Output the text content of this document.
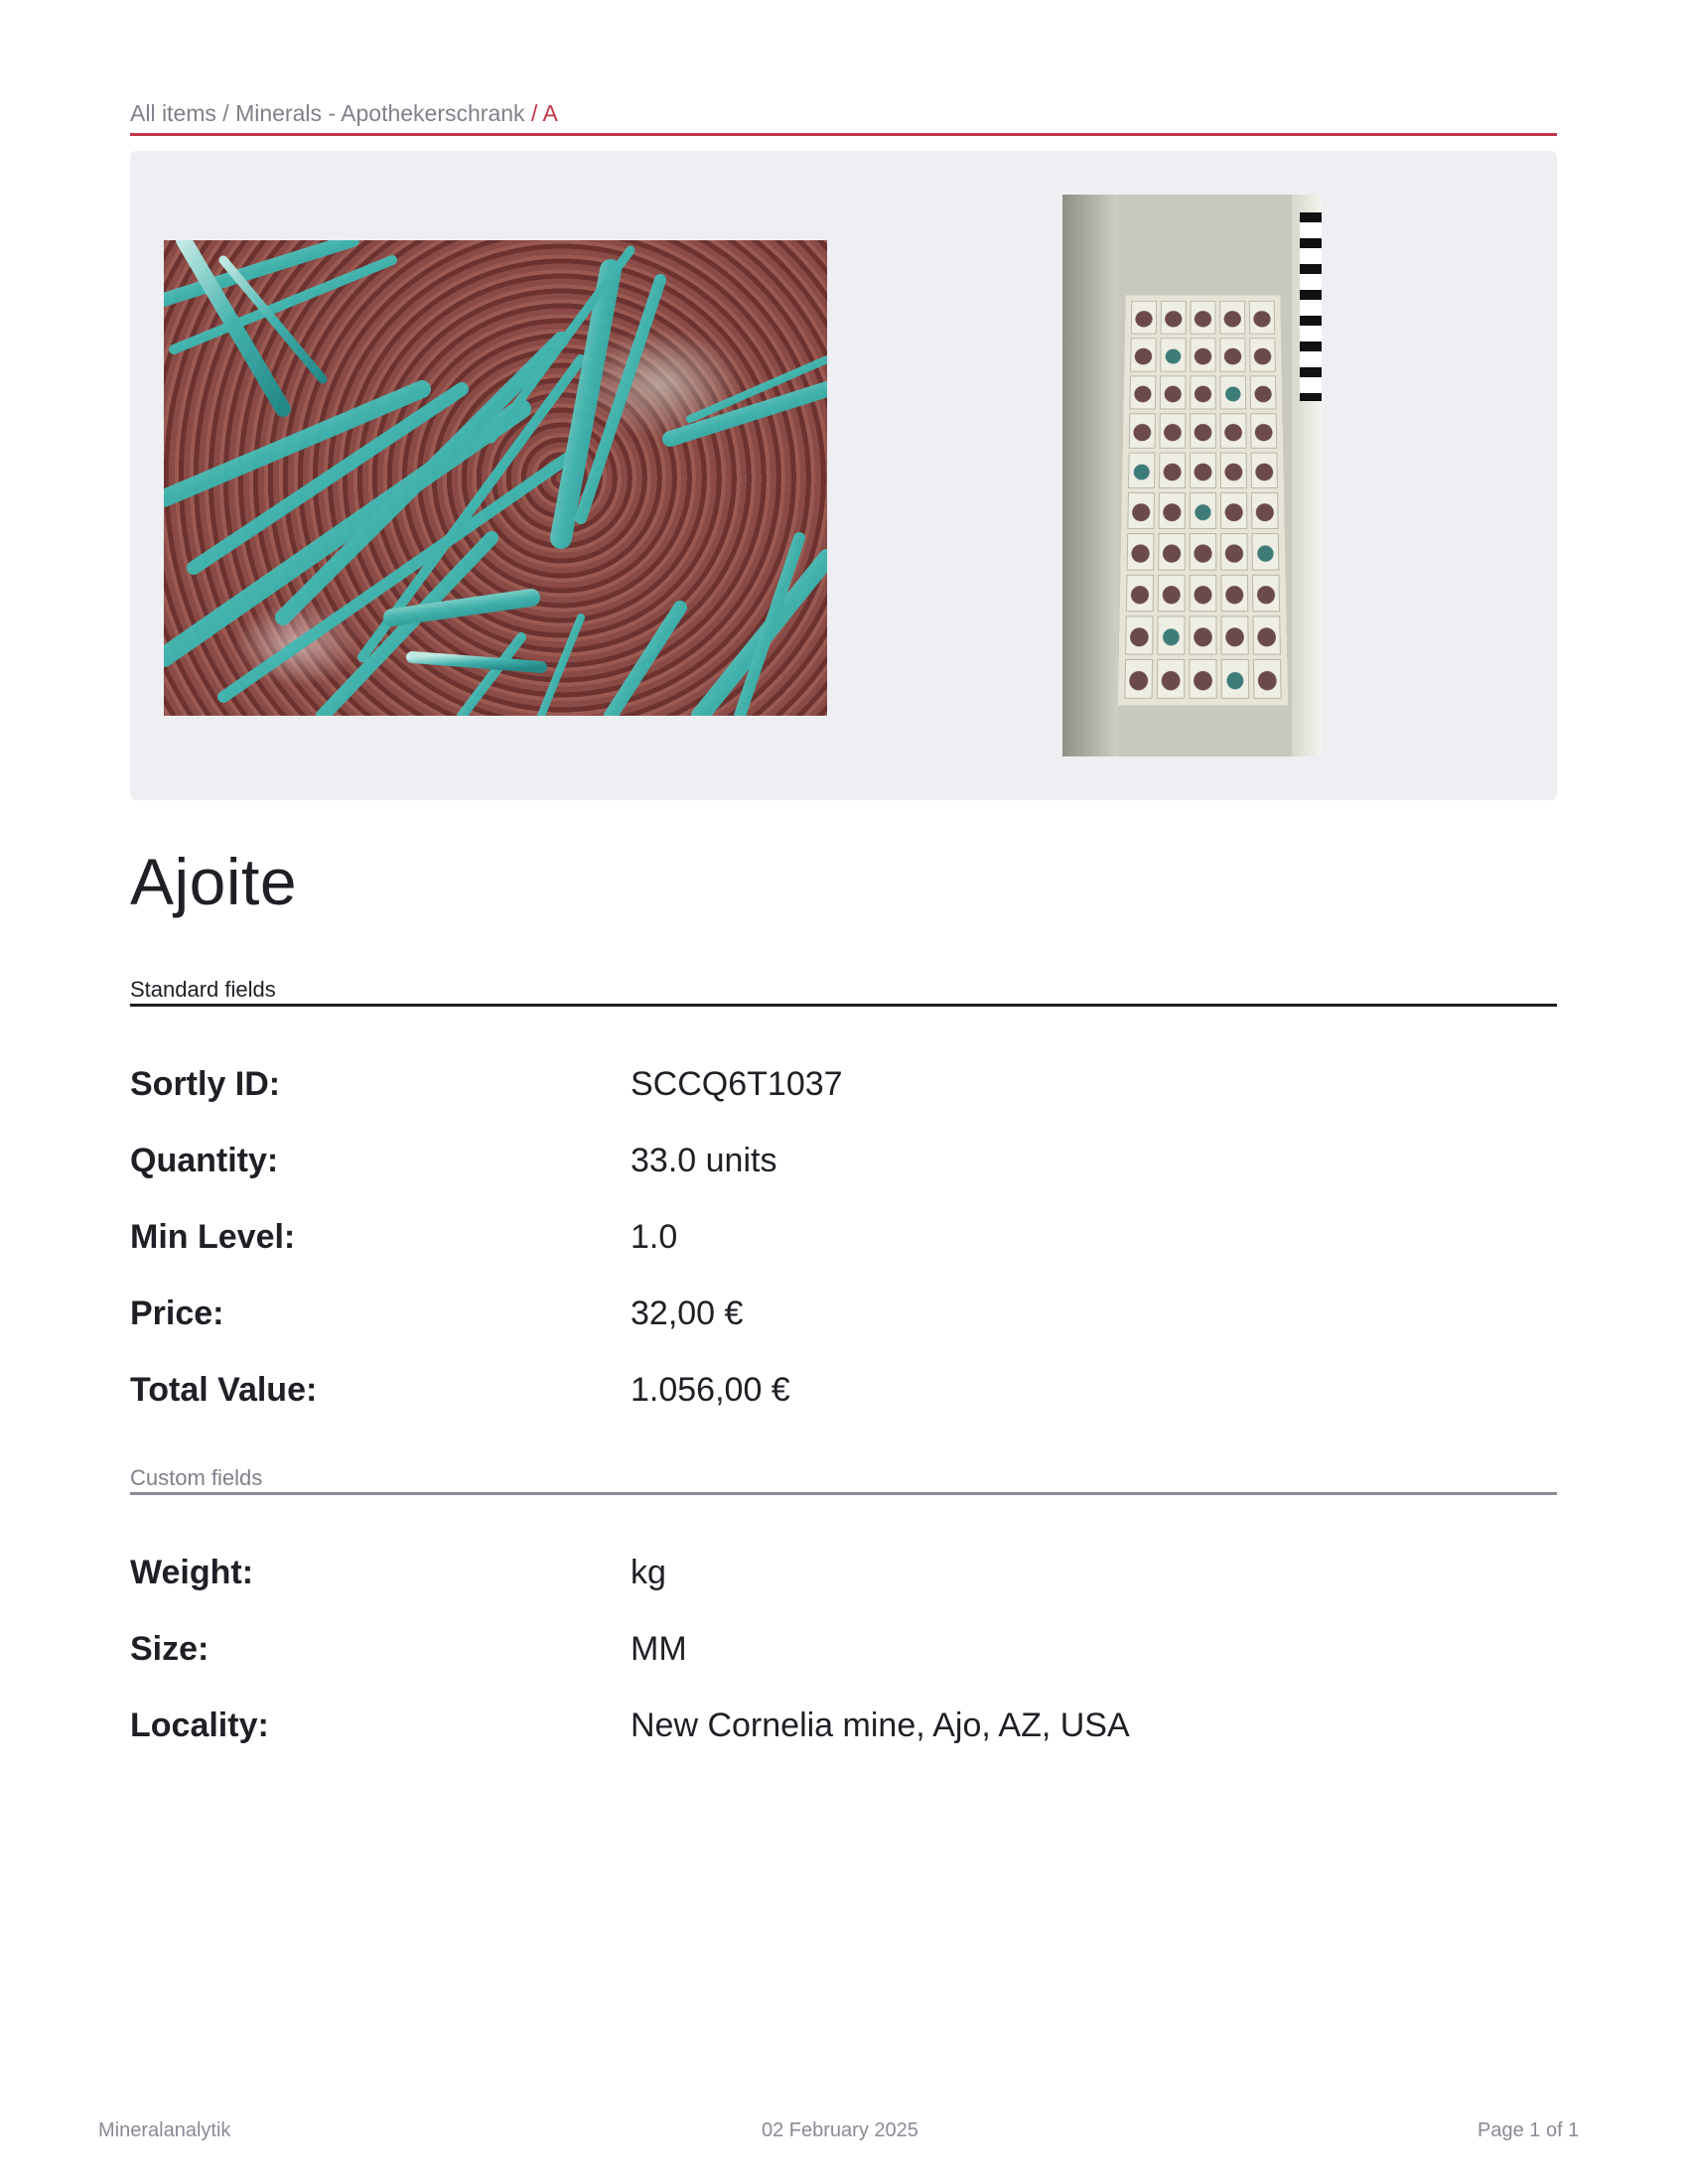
All items / Minerals - Apothekerschrank / A
Ajoite
Standard fields
Sortly ID:	SCCQ6T1037
Quantity:	33.0 units
Min Level:	1.0
Price:	32,00 €
Total Value:	1.056,00 €
Custom fields
Weight:	kg
Size:	MM
Locality:	New Cornelia mine, Ajo, AZ, USA
Mineralanalytik	02 February 2025	Page 1 of 1
